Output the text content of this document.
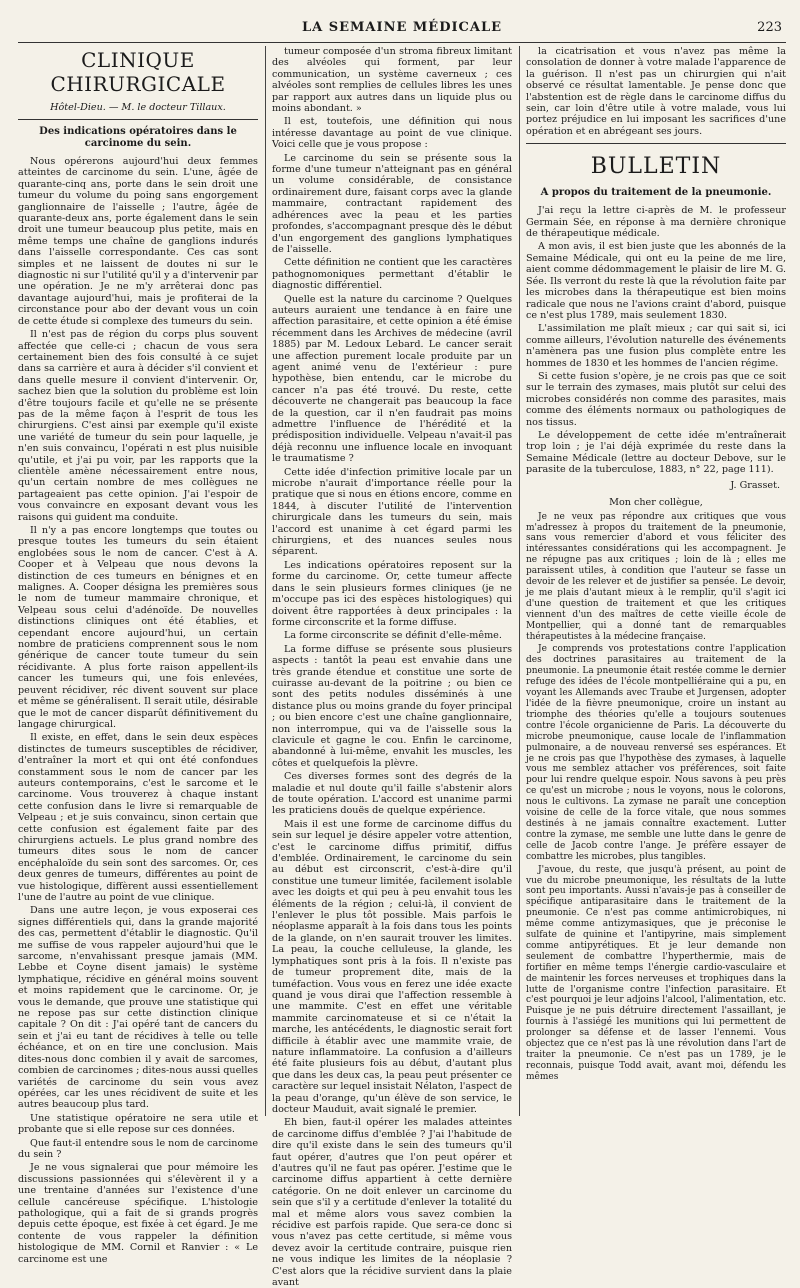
LA SEMAINE MÉDICALE	223
CLINIQUE CHIRURGICALE
Hôtel-Dieu. — M. le docteur Tillaux.
Des indications opératoires dans le carcinome du sein.

Nous opérerons aujourd'hui deux femmes atteintes de carcinome du sein. L'une, âgée de quarante-cinq ans, porte dans le sein droit une tumeur du volume du poing sans engorgement ganglionnaire de l'aisselle ; l'autre, âgée de quarante-deux ans, porte également dans le sein droit une tumeur beaucoup plus petite, mais en même temps une chaîne de ganglions indurés dans l'aisselle correspondante. Ces cas sont simples et ne laissent de doutes ni sur le diagnostic ni sur l'utilité qu'il y a d'intervenir par une opération. Je ne m'y arrêterai donc pas davantage aujourd'hui, mais je profiterai de la circonstance pour abo der devant vous un coin de cette étude si complexe des tumeurs du sein.

Il n'est pas de région du corps plus souvent affectée que celle-ci ; chacun de vous sera certainement bien des fois consulté à ce sujet dans sa carrière et aura à décider s'il convient et dans quelle mesure il convient d'intervenir. Or, sachez bien que la solution du problème est loin d'être toujours facile et qu'elle ne se présente pas de la même façon à l'esprit de tous les chirurgiens. C'est ainsi par exemple qu'il existe une variété de tumeur du sein pour laquelle, je n'en suis convaincu, l'opérati n est plus nuisible qu'utile, et j'ai pu voir, par les rapports que la clientèle amène nécessairement entre nous, qu'un certain nombre de mes collègues ne partageaient pas cette opinion. J'ai l'espoir de vous convaincre en exposant devant vous les raisons qui guident ma conduite.

Il n'y a pas encore longtemps que toutes ou presque toutes les tumeurs du sein étaient englobées sous le nom de cancer. C'est à A. Cooper et à Velpeau que nous devons la distinction de ces tumeurs en bénignes et en malignes. A. Cooper désigna les premières sous le nom de tumeur mammaire chronique, et Velpeau sous celui d'adénoïde. De nouvelles distinctions cliniques ont été établies, et cependant encore aujourd'hui, un certain nombre de praticiens comprennent sous le nom générique de cancer toute tumeur du sein récidivante. A plus forte raison appellent-ils cancer les tumeurs qui, une fois enlevées, peuvent récidiver, réc divent souvent sur place et même se généralisent. Il serait utile, désirable que le mot de cancer disparût définitivement du langage chirurgical.

Il existe, en effet, dans le sein deux espèces distinctes de tumeurs susceptibles de récidiver, d'entraîner la mort et qui ont été confondues constamment sous le nom de cancer par les auteurs contemporains, c'est le sarcome et le carcinome. Vous trouverez à chaque instant cette confusion dans le livre si remarquable de Velpeau ; et je suis convaincu, sinon certain que cette confusion est également faite par des chirurgiens actuels. Le plus grand nombre des tumeurs dites sous le nom de cancer encéphaloïde du sein sont des sarcomes. Or, ces deux genres de tumeurs, différentes au point de vue histologique, diffèrent aussi essentiellement l'une de l'autre au point de vue clinique.

Dans une autre leçon, je vous exposerai ces signes différentiels qui, dans la grande majorité des cas, permettent d'établir le diagnostic. Qu'il me suffise de vous rappeler aujourd'hui que le sarcome, n'envahissant presque jamais (MM. Lebbe et Coyne disent jamais) le système lymphatique, récidive en général moins souvent et moins rapidement que le carcinome. Or, je vous le demande, que prouve une statistique qui ne repose pas sur cette distinction clinique capitale ? On dit : J'ai opéré tant de cancers du sein et j'ai eu tant de récidives à telle ou telle échéance, et on en tire une conclusion. Mais dites-nous donc combien il y avait de sarcomes, combien de carcinomes ; dites-nous aussi quelles variétés de carcinome du sein vous avez opérées, car les unes récidivent de suite et les autres beaucoup plus tard.

Une statistique opératoire ne sera utile et probante que si elle repose sur ces données.

Que faut-il entendre sous le nom de carcinome du sein ?

Je ne vous signalerai que pour mémoire les discussions passionnées qui s'élevèrent il y a une trentaine d'années sur l'existence d'une cellule cancéreuse spécifique. L'histologie pathologique, qui a fait de si grands progrès depuis cette époque, est fixée à cet égard. Je me contente de vous rappeler la définition histologique de MM. Cornil et Ranvier : « Le carcinome est une

tumeur composée d'un stroma fibreux limitant des alvéoles qui forment, par leur communication, un système caverneux ; ces alvéoles sont remplies de cellules libres les unes par rapport aux autres dans un liquide plus ou moins abondant. »

Il est, toutefois, une définition qui nous intéresse davantage au point de vue clinique. Voici celle que je vous propose :

Le carcinome du sein se présente sous la forme d'une tumeur n'atteignant pas en général un volume considérable, de consistance ordinairement dure, faisant corps avec la glande mammaire, contractant rapidement des adhérences avec la peau et les parties profondes, s'accompagnant presque dès le début d'un engorgement des ganglions lymphatiques de l'aisselle.

Cette définition ne contient que les caractères pathognomoniques permettant d'établir le diagnostic différentiel.

Quelle est la nature du carcinome ? Quelques auteurs auraient une tendance à en faire une affection parasitaire, et cette opinion a été émise récemment dans les Archives de médecine (avril 1885) par M. Ledoux Lebard. Le cancer serait une affection purement locale produite par un agent animé venu de l'extérieur : pure hypothèse, bien entendu, car le microbe du cancer n'a pas été trouvé. Du reste, cette découverte ne changerait pas beaucoup la face de la question, car il n'en faudrait pas moins admettre l'influence de l'hérédité et la prédisposition individuelle. Velpeau n'avait-il pas déjà reconnu une influence locale en invoquant le traumatisme ?

Cette idée d'infection primitive locale par un microbe n'aurait d'importance réelle pour la pratique que si nous en étions encore, comme en 1844, à discuter l'utilité de l'intervention chirurgicale dans les tumeurs du sein, mais l'accord est unanime à cet égard parmi les chirurgiens, et des nuances seules nous séparent.

Les indications opératoires reposent sur la forme du carcinome. Or, cette tumeur affecte dans le sein plusieurs formes cliniques (je ne m'occupe pas ici des espèces histologiques) qui doivent être rapportées à deux principales : la forme circonscrite et la forme diffuse.

La forme circonscrite se définit d'elle-même.

La forme diffuse se présente sous plusieurs aspects : tantôt la peau est envahie dans une très grande étendue et constitue une sorte de cuirasse au-devant de la poitrine ; ou bien ce sont des petits nodules disséminés à une distance plus ou moins grande du foyer principal ; ou bien encore c'est une chaîne ganglionnaire, non interrompue, qui va de l'aisselle sous la clavicule et gagne le cou. Enfin le carcinome, abandonné à lui-même, envahit les muscles, les côtes et quelquefois la plèvre.

Ces diverses formes sont des degrés de la maladie et nul doute qu'il faille s'abstenir alors de toute opération. L'accord est unanime parmi les praticiens douës de quelque expérience.

Mais il est une forme de carcinome diffus du sein sur lequel je désire appeler votre attention, c'est le carcinome diffus primitif, diffus d'emblée. Ordinairement, le carcinome du sein au début est circonscrit, c'est-à-dire qu'il constitue une tumeur limitée, facilement isolable avec les doigts et qui peu à peu envahit tous les éléments de la région ; celui-là, il convient de l'enlever le plus tôt possible. Mais parfois le néoplasme apparaît à la fois dans tous les points de la glande, on n'en saurait trouver les limites. La peau, la couche celluleuse, la glande, les lymphatiques sont pris à la fois. Il n'existe pas de tumeur proprement dite, mais de la tuméfaction. Vous vous en ferez une idée exacte quand je vous dirai que l'affection ressemble à une mammite. C'est en effet une véritable mammite carcinomateuse et si ce n'était la marche, les antécédents, le diagnostic serait fort difficile à établir avec une mammite vraie, de nature inflammatoire. La confusion a d'ailleurs été faite plusieurs fois au début, d'autant plus que dans les deux cas, la peau peut présenter ce caractère sur lequel insistait Nélaton, l'aspect de la peau d'orange, qu'un élève de son service, le docteur Mauduit, avait signalé le premier.

Eh bien, faut-il opérer les malades atteintes de carcinome diffus d'emblée ? J'ai l'habitude de dire qu'il existe dans le sein des tumeurs qu'il faut opérer, d'autres que l'on peut opérer et d'autres qu'il ne faut pas opérer. J'estime que le carcinome diffus appartient à cette dernière catégorie. On ne doit enlever un carcinome du sein que s'il y a certitude d'enlever la totalité du mal et même alors vous savez combien la récidive est parfois rapide. Que sera-ce donc si vous n'avez pas cette certitude, si même vous devez avoir la certitude contraire, puisque rien ne vous indique les limites de la néoplasie ? C'est alors que la récidive survient dans la plaie avant

la cicatrisation et vous n'avez pas même la consolation de donner à votre malade l'apparence de la guérison. Il n'est pas un chirurgien qui n'ait observé ce résultat lamentable. Je pense donc que l'abstention est de règle dans le carcinome diffus du sein, car loin d'être utile à votre malade, vous lui portez préjudice en lui imposant les sacrifices d'une opération et en abrégeant ses jours.

BULLETIN
A propos du traitement de la pneumonie.

J'ai reçu la lettre ci-après de M. le professeur Germain Sée, en réponse à ma dernière chronique de thérapeutique médicale.

A mon avis, il est bien juste que les abonnés de la Semaine Médicale, qui ont eu la peine de me lire, aient comme dédommagement le plaisir de lire M. G. Sée. Ils verront du reste là que la révolution faite par les microbes dans la thérapeutique est bien moins radicale que nous ne l'avions craint d'abord, puisque ce n'est plus 1789, mais seulement 1830.

L'assimilation me plaît mieux ; car qui sait si, ici comme ailleurs, l'évolution naturelle des événements n'amènera pas une fusion plus complète entre les hommes de 1830 et les hommes de l'ancien régime.

Si cette fusion s'opère, je ne crois pas que ce soit sur le terrain des zymases, mais plutôt sur celui des microbes considérés non comme des parasites, mais comme des éléments normaux ou pathologiques de nos tissus.

Le développement de cette idée m'entraînerait trop loin ; je l'ai déjà exprimée du reste dans la Semaine Médicale (lettre au docteur Debove, sur le parasite de la tuberculose, 1883, n° 22, page 111).

J. Grasset.
Mon cher collègue,

Je ne veux pas répondre aux critiques que vous m'adressez à propos du traitement de la pneumonie, sans vous remercier d'abord et vous féliciter des intéressantes considérations qui les accompagnent. Je ne répugne pas aux critiques ; loin de là ; elles me paraissent utiles, à condition que l'auteur se fasse un devoir de les relever et de justifier sa pensée. Le devoir, je me plais d'autant mieux à le remplir, qu'il s'agit ici d'une question de traitement et que les critiques viennent d'un des maîtres de cette vieille école de Montpellier, qui a donné tant de remarquables thérapeutistes à la médecine française.

Je comprends vos protestations contre l'application des doctrines parasitaires au traitement de la pneumonie. La pneumonie était restée comme le dernier refuge des idées de l'école montpelliéraine qui a pu, en voyant les Allemands avec Traube et Jurgensen, adopter l'idée de la fièvre pneumonique, croire un instant au triomphe des théories qu'elle a toujours soutenues contre l'école organicienne de Paris. La découverte du microbe pneumonique, cause locale de l'inflammation pulmonaire, a de nouveau renversé ses espérances. Et je ne crois pas que l'hypothèse des zymases, à laquelle vous me semblez attacher vos préférences, soit faite pour lui rendre quelque espoir. Nous savons à peu près ce qu'est un microbe ; nous le voyons, nous le colorons, nous le cultivons. La zymase ne paraît une conception voisine de celle de la force vitale, que nous sommes destinés à ne jamais connaître exactement. Lutter contre la zymase, me semble une lutte dans le genre de celle de Jacob contre l'ange. Je préfère essayer de combattre les microbes, plus tangibles.

J'avoue, du reste, que jusqu'à présent, au point de vue du microbe pneumonique, les résultats de la lutte sont peu importants. Aussi n'avais-je pas à conseiller de spécifique antiparasitaire dans le traitement de la pneumonie. Ce n'est pas comme antimicrobiques, ni même comme antizymasiques, que je préconise le sulfate de quinine et l'antipyrine, mais simplement comme antipyrétiques. Et je leur demande non seulement de combattre l'hyperthermie, mais de fortifier en même temps l'énergie cardio-vasculaire et de maintenir les forces nerveuses et trophiques dans la lutte de l'organisme contre l'infection parasitaire. Et c'est pourquoi je leur adjoins l'alcool, l'alimentation, etc. Puisque je ne puis détruire directement l'assaillant, je fournis à l'assiégé les munitions qui lui permettent de prolonger sa défense et de lasser l'ennemi. Vous objectez que ce n'est pas là une révolution dans l'art de traiter la pneumonie. Ce n'est pas un 1789, je le reconnais, puisque Todd avait, avant moi, défendu les mêmes
